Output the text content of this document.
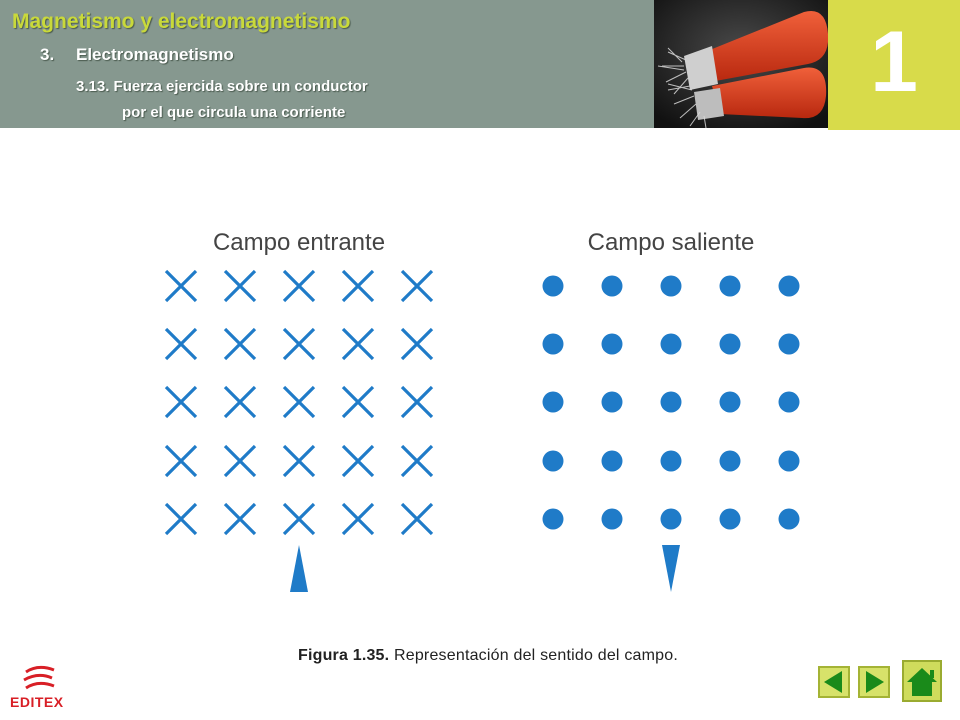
Magnetismo y electromagnetismo
3. Electromagnetismo
3.13. Fuerza ejercida sobre un conductor
por el que circula una corriente
1
Campo entrante	Campo saliente
Figura 1.35. Representación del sentido del campo.
EDITEX
